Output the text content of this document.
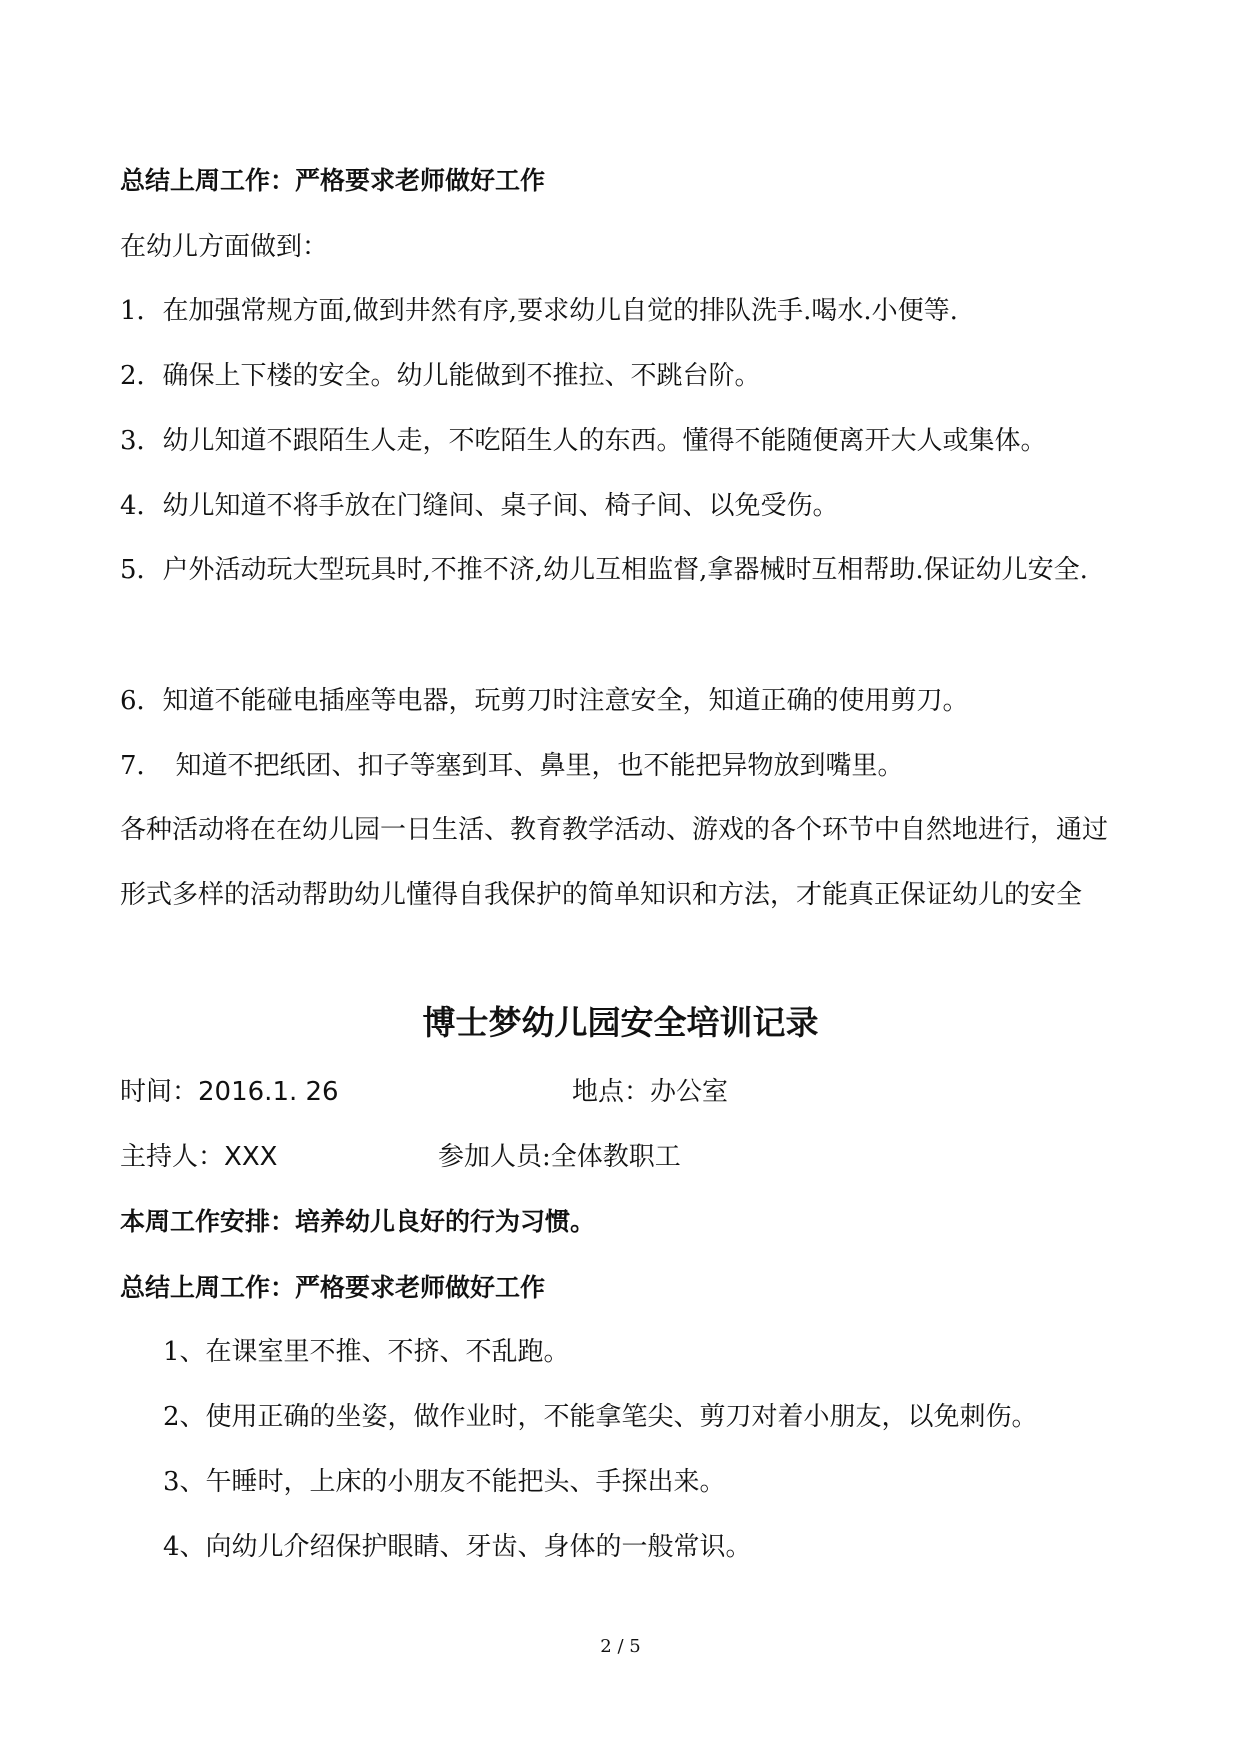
总结上周工作：严格要求老师做好工作
在幼儿方面做到：
1．在加强常规方面,做到井然有序,要求幼儿自觉的排队洗手.喝水.小便等.
2．确保上下楼的安全。幼儿能做到不推拉、不跳台阶。
3．幼儿知道不跟陌生人走，不吃陌生人的东西。懂得不能随便离开大人或集体。
4．幼儿知道不将手放在门缝间、桌子间、椅子间、以免受伤。
5．户外活动玩大型玩具时,不推不济,幼儿互相监督,拿器械时互相帮助.保证幼儿安全.
6．知道不能碰电插座等电器，玩剪刀时注意安全，知道正确的使用剪刀。
7．　知道不把纸团、扣子等塞到耳、鼻里，也不能把异物放到嘴里。
各种活动将在在幼儿园一日生活、教育教学活动、游戏的各个环节中自然地进行，通过形式多样的活动帮助幼儿懂得自我保护的简单知识和方法，才能真正保证幼儿的安全
博士梦幼儿园安全培训记录
时间：2016.1. 26	地点：办公室
主持人：XXX	参加人员:全体教职工
本周工作安排：培养幼儿良好的行为习惯。
总结上周工作：严格要求老师做好工作
1、在课室里不推、不挤、不乱跑。
2、使用正确的坐姿，做作业时，不能拿笔尖、剪刀对着小朋友，以免刺伤。
3、午睡时，上床的小朋友不能把头、手探出来。
4、向幼儿介绍保护眼睛、牙齿、身体的一般常识。
2 / 5
